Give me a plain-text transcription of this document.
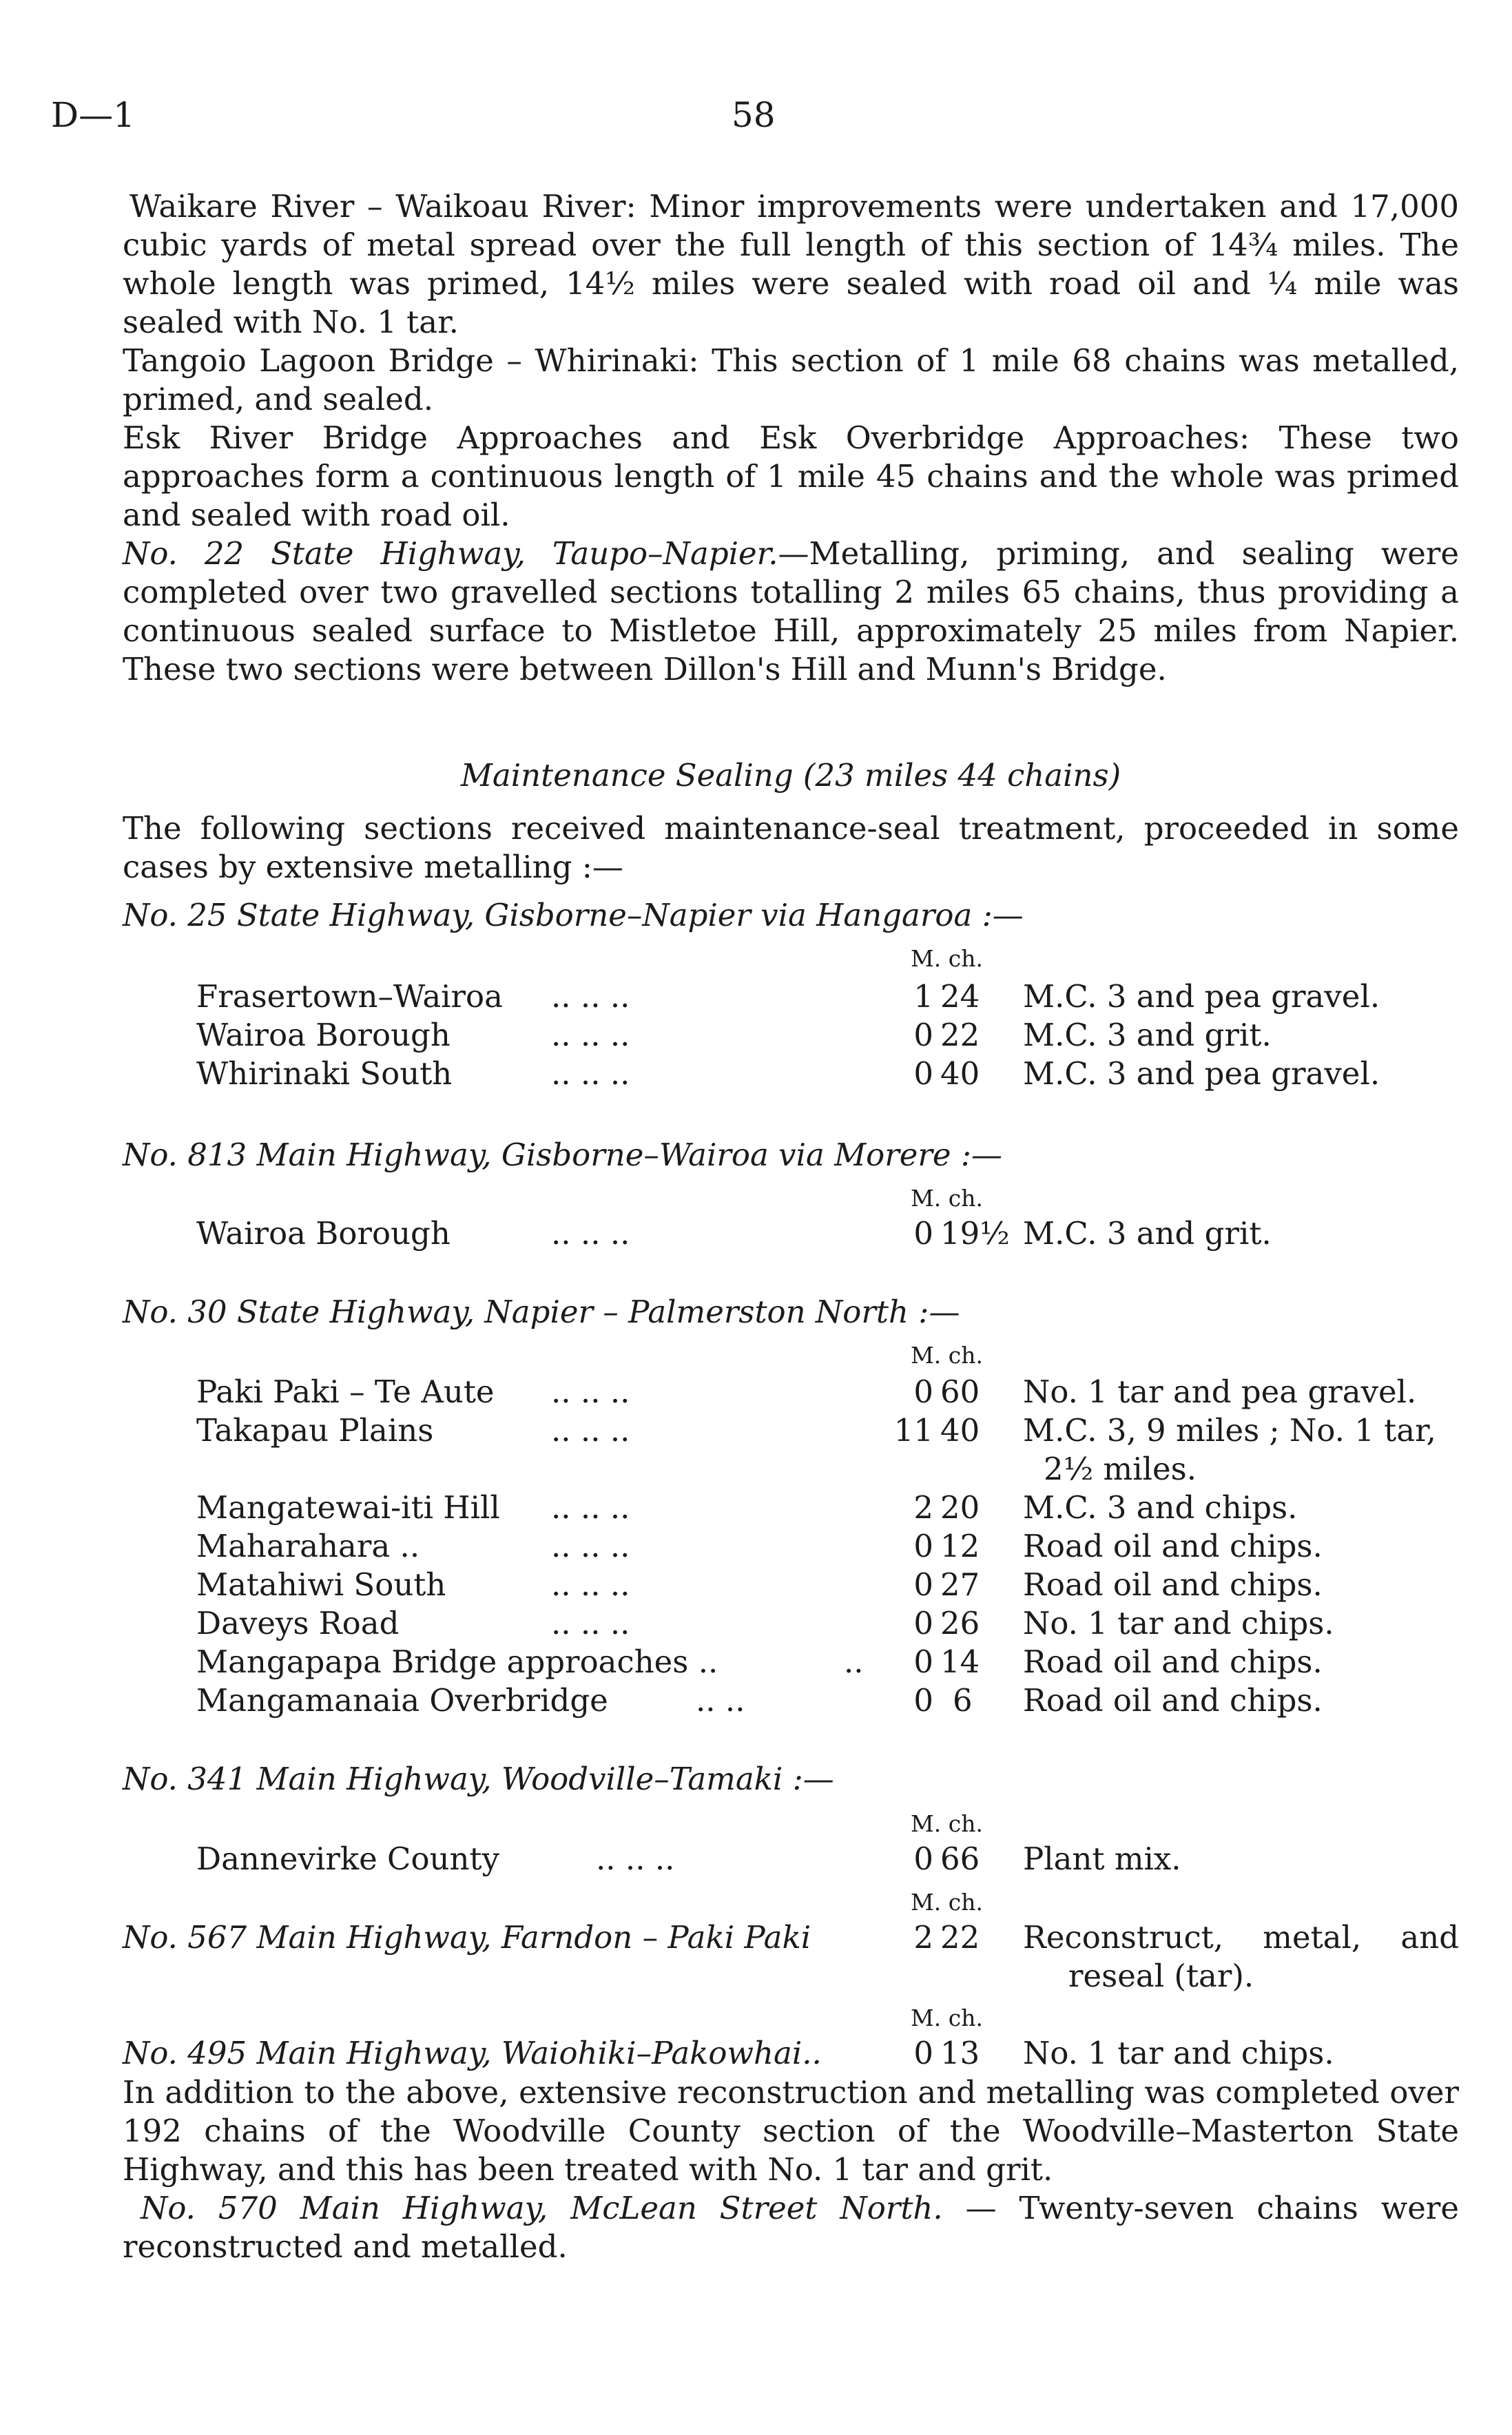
D—1	58

Waikare River – Waikoau River: Minor improvements were undertaken and 17,000 cubic yards of metal spread over the full length of this section of 14¾ miles. The whole length was primed, 14½ miles were sealed with road oil and ¼ mile was sealed with No. 1 tar.

Tangoio Lagoon Bridge – Whirinaki: This section of 1 mile 68 chains was metalled, primed, and sealed.

Esk River Bridge Approaches and Esk Overbridge Approaches: These two approaches form a continuous length of 1 mile 45 chains and the whole was primed and sealed with road oil.

No. 22 State Highway, Taupo–Napier.—Metalling, priming, and sealing were completed over two gravelled sections totalling 2 miles 65 chains, thus providing a continuous sealed surface to Mistletoe Hill, approximately 25 miles from Napier. These two sections were between Dillon's Hill and Munn's Bridge.

Maintenance Sealing (23 miles 44 chains)
The following sections received maintenance-seal treatment, proceeded in some cases by extensive metalling :—
No. 25 State Highway, Gisborne–Napier via Hangaroa :—
M. ch.
Frasertown–Wairoa .. .. ..	1 24 M.C. 3 and pea gravel.
Wairoa Borough	.. .. ..	0 22 M.C. 3 and grit.
Whirinaki South	.. .. ..	0 40 M.C. 3 and pea gravel.
No. 813 Main Highway, Gisborne–Wairoa via Morere :—
M. ch.
Wairoa Borough	.. .. ..	0 19½ M.C. 3 and grit.
No. 30 State Highway, Napier – Palmerston North :—
M. ch.
Paki Paki – Te Aute .. .. ..	0 60 No. 1 tar and pea gravel.
Takapau Plains	.. .. ..	11 40 M.C. 3, 9 miles ; No. 1 tar,
2½ miles.
Mangatewai-iti Hill .. .. ..	2 20 M.C. 3 and chips.
Maharahara ..	.. .. ..	0 12 Road oil and chips.
Matahiwi South	.. .. ..	0 27 Road oil and chips.
Daveys Road	.. .. ..	0 26 No. 1 tar and chips.
Mangapapa Bridge approaches ..	.. 0 14 Road oil and chips.
Mangamanaia Overbridge	.. ..	0 6	Road oil and chips.
No. 341 Main Highway, Woodville–Tamaki :—
M. ch.
Dannevirke County	.. .. ..	0 66 Plant mix.
M. ch.
No. 567 Main Highway, Farndon – Paki Paki	2 22 Reconstruct,    metal,    and
reseal (tar).
M. ch.
No. 495 Main Highway, Waiohiki–Pakowhai..	0 13 No. 1 tar and chips.

In addition to the above, extensive reconstruction and metalling was completed over 192 chains of the Woodville County section of the Woodville–Masterton State Highway, and this has been treated with No. 1 tar and grit.

No. 570 Main Highway, McLean Street North. — Twenty-seven chains were reconstructed and metalled.
